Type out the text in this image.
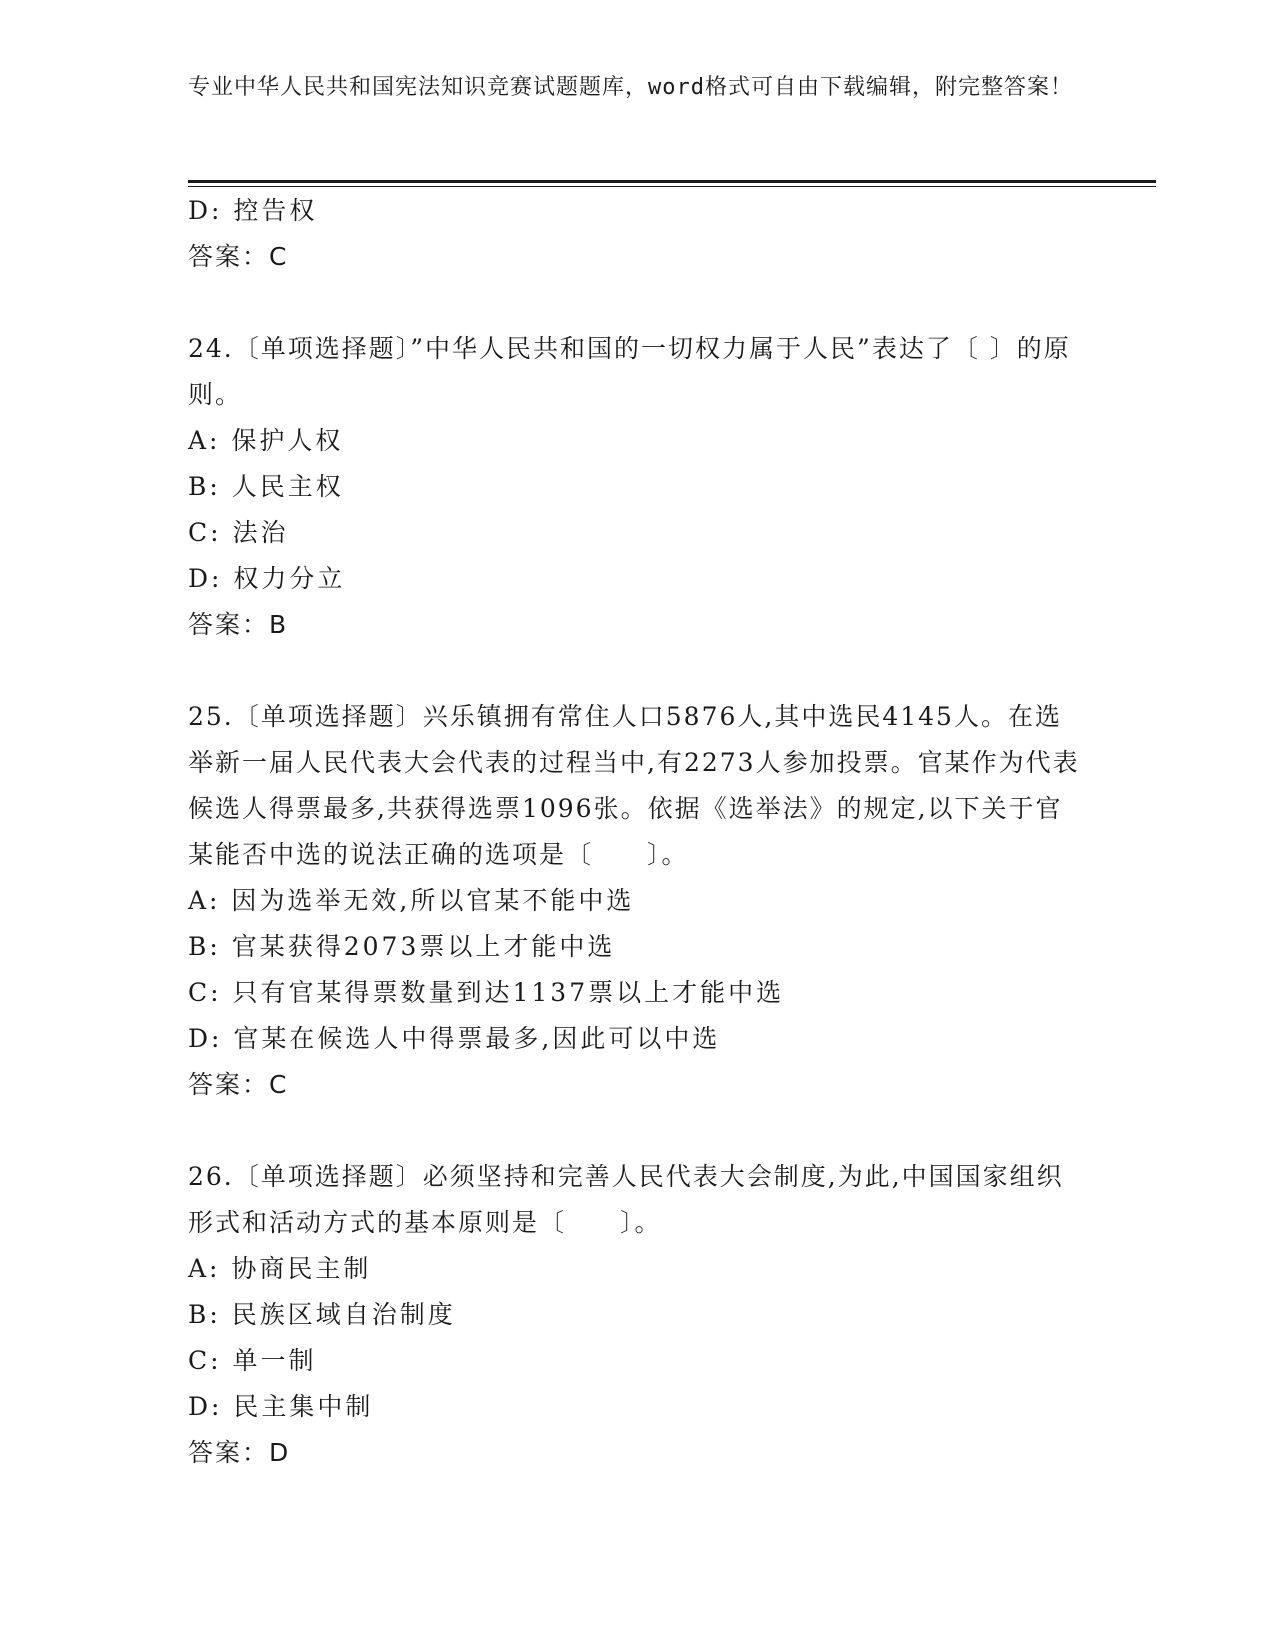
专业中华人民共和国宪法知识竞赛试题题库，word格式可自由下载编辑，附完整答案！
D: 控告权
答案：C
24.〔单项选择题〕”中华人民共和国的一切权力属于人民”表达了〔 〕的原则。
A: 保护人权
B: 人民主权
C: 法治
D: 权力分立
答案：B
25.〔单项选择题〕兴乐镇拥有常住人口5876人,其中选民4145人。在选举新一届人民代表大会代表的过程当中,有2273人参加投票。官某作为代表候选人得票最多,共获得选票1096张。依据《选举法》的规定,以下关于官某能否中选的说法正确的选项是〔　　〕。
A: 因为选举无效,所以官某不能中选
B: 官某获得2073票以上才能中选
C: 只有官某得票数量到达1137票以上才能中选
D: 官某在候选人中得票最多,因此可以中选
答案：C
26.〔单项选择题〕必须坚持和完善人民代表大会制度,为此,中国国家组织形式和活动方式的基本原则是〔　　〕。
A: 协商民主制
B: 民族区域自治制度
C: 单一制
D: 民主集中制
答案：D
